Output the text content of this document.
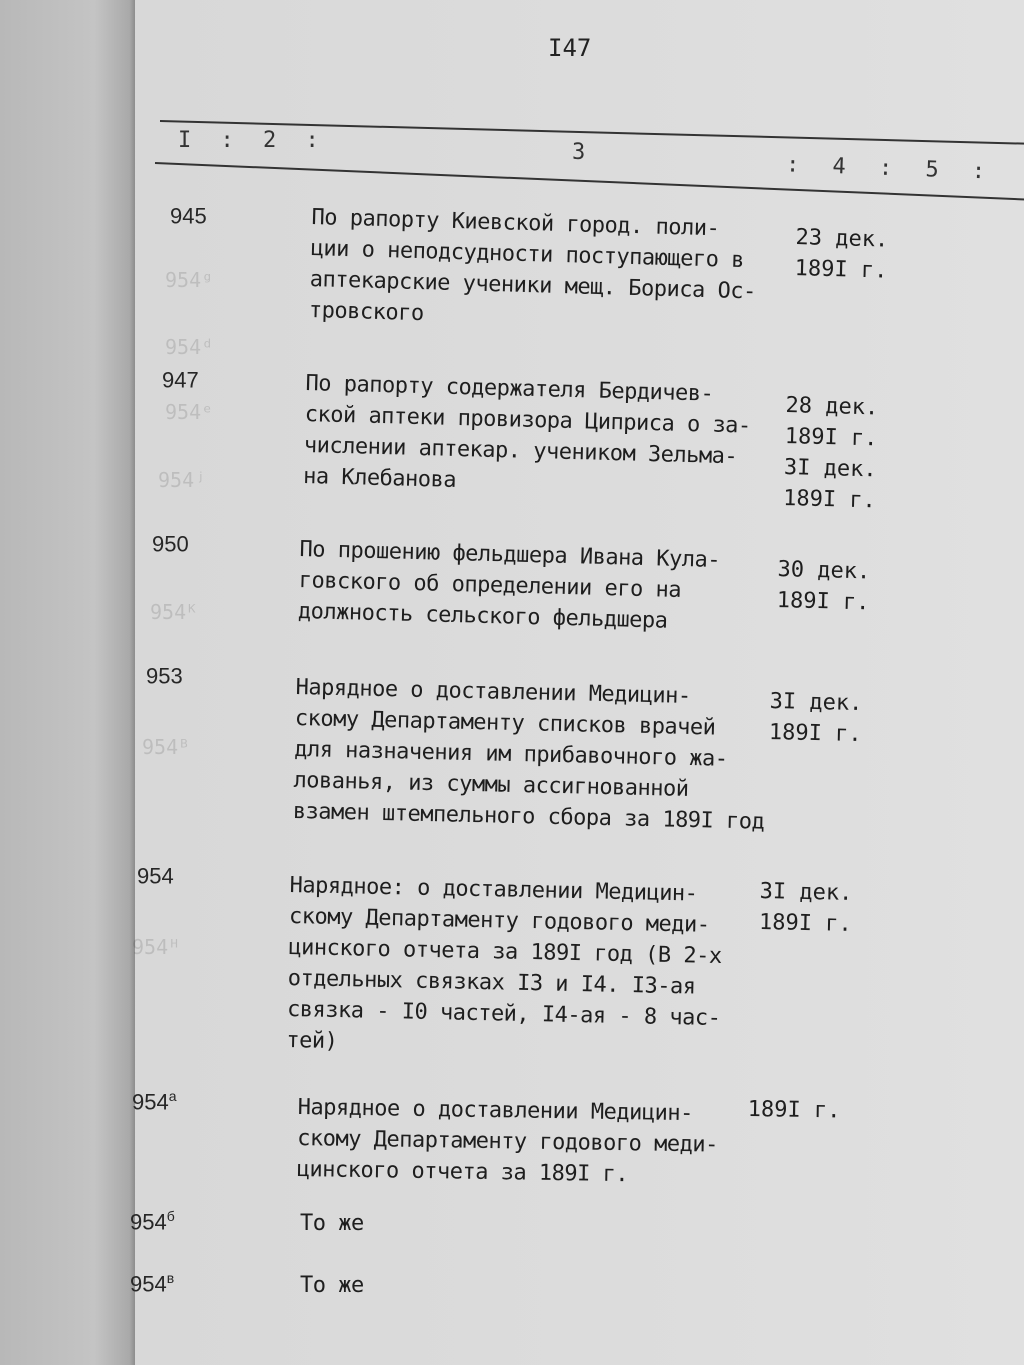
954ᵍ
954ᵈ
954ᵉ
954ʲ
954ᴷ
954ᴮ
954ᴴ
I47
I : 2 :	3	: 4 : 5 :
945	По рапорту Киевской город. поли-
ции о неподсудности поступающего в
аптекарские ученики мещ. Бориса Ос-
тровского
23 дек.
189I г.
947	По рапорту содержателя Бердичев-
ской аптеки провизора Циприса о за-
числении аптекар. учеником Зельма-
на Клебанова
28 дек.
189I г.
3I дек.
189I г.
950	По прошению фельдшера Ивана Кула-
говского об определении его на
должность сельского фельдшера
30 дек.
189I г.
953	Нарядное о доставлении Медицин-
скому Департаменту списков врачей
для назначения им прибавочного жа-
лованья, из суммы ассигнованной
взамен штемпельного сбора за 189I год
3I дек.
189I г.
954	Нарядное: о доставлении Медицин-
скому Департаменту годового меди-
цинского отчета за 189I год (В 2-х
отдельных связках I3 и I4. I3-ая
связка - I0 частей, I4-ая - 8 час-
тей)
3I дек.
189I г.
$954^а$	Нарядное о доставлении Медицин-
скому Департаменту годового меди-
цинского отчета за 189I г.
189I г.
$954^б$	То же
$954^в$	То же
